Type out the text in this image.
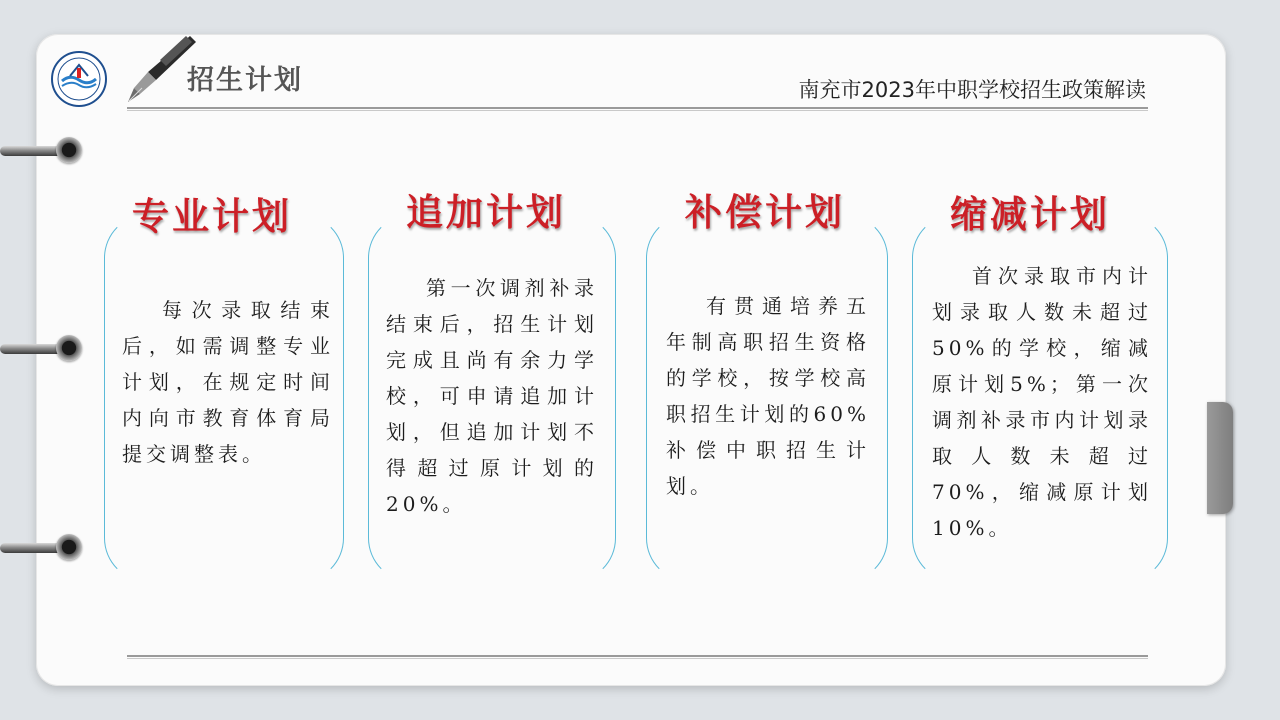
招生计划	南充市2023年中职学校招生政策解读
专业计划
每次录取结束后，如需调整专业计划，在规定时间内向市教育体育局提交调整表。
追加计划
第一次调剂补录结束后，招生计划完成且尚有余力学校，可申请追加计划，但追加计划不得超过原计划的20%。
补偿计划
有贯通培养五年制高职招生资格的学校，按学校高职招生计划的60%补偿中职招生计划。
缩减计划
首次录取市内计划录取人数未超过50%的学校，缩减原计划5%；第一次调剂补录市内计划录取人数未超过70%，缩减原计划10%。
